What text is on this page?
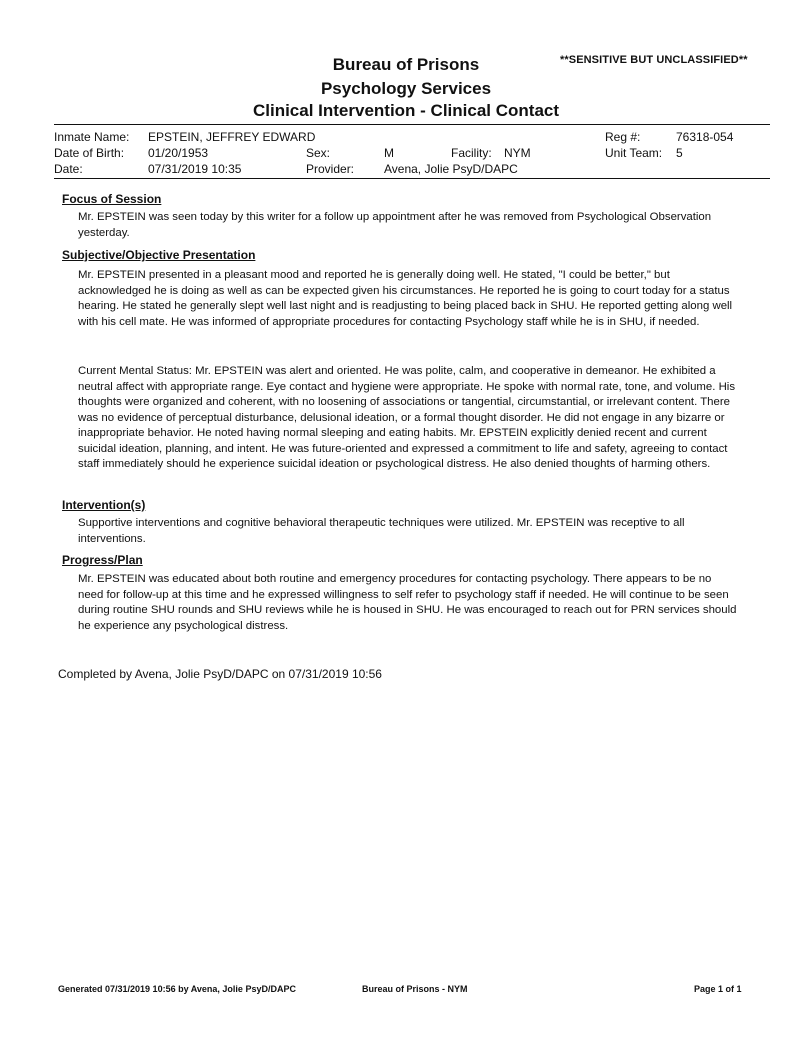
**SENSITIVE BUT UNCLASSIFIED**
Bureau of Prisons
Psychology Services
Clinical Intervention - Clinical Contact
Inmate Name: EPSTEIN, JEFFREY EDWARD	Reg #:	76318-054
Date of Birth: 01/20/1953	Sex:	M	Facility: NYM	Unit Team: 5
Date:	07/31/2019 10:35	Provider: Avena, Jolie PsyD/DAPC
Focus of Session
Mr. EPSTEIN was seen today by this writer for a follow up appointment after he was removed from Psychological Observation yesterday.
Subjective/Objective Presentation
Mr. EPSTEIN presented in a pleasant mood and reported he is generally doing well. He stated, "I could be better," but acknowledged he is doing as well as can be expected given his circumstances. He reported he is going to court today for a status hearing. He stated he generally slept well last night and is readjusting to being placed back in SHU. He reported getting along well with his cell mate. He was informed of appropriate procedures for contacting Psychology staff while he is in SHU, if needed.
Current Mental Status: Mr. EPSTEIN was alert and oriented. He was polite, calm, and cooperative in demeanor. He exhibited a neutral affect with appropriate range. Eye contact and hygiene were appropriate. He spoke with normal rate, tone, and volume. His thoughts were organized and coherent, with no loosening of associations or tangential, circumstantial, or irrelevant content. There was no evidence of perceptual disturbance, delusional ideation, or a formal thought disorder. He did not engage in any bizarre or inappropriate behavior. He noted having normal sleeping and eating habits. Mr. EPSTEIN explicitly denied recent and current suicidal ideation, planning, and intent. He was future-oriented and expressed a commitment to life and safety, agreeing to contact staff immediately should he experience suicidal ideation or psychological distress. He also denied thoughts of harming others.
Intervention(s)
Supportive interventions and cognitive behavioral therapeutic techniques were utilized. Mr. EPSTEIN was receptive to all interventions.
Progress/Plan
Mr. EPSTEIN was educated about both routine and emergency procedures for contacting psychology. There appears to be no need for follow-up at this time and he expressed willingness to self refer to psychology staff if needed. He will continue to be seen during routine SHU rounds and SHU reviews while he is housed in SHU. He was encouraged to reach out for PRN services should he experience any psychological distress.
Completed by Avena, Jolie PsyD/DAPC on 07/31/2019 10:56
Generated 07/31/2019 10:56 by Avena, Jolie PsyD/DAPC	Bureau of Prisons - NYM	Page 1 of 1
